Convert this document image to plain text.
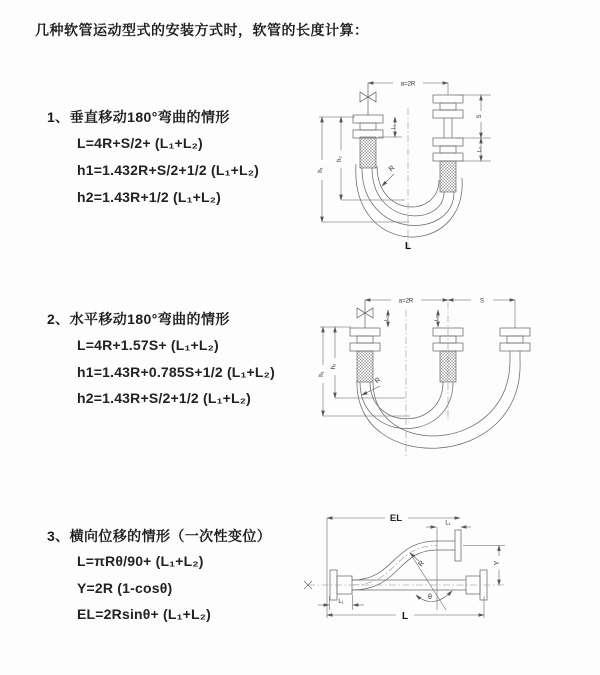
几种软管运动型式的安装方式时，软管的长度计算：
1、垂直移动180°弯曲的情形
L=4R+S/2+ (L₁+L₂)
h1=1.432R+S/2+1/2 (L₁+L₂)
h2=1.43R+1/2 (L₁+L₂)
2、水平移动180°弯曲的情形
L=4R+1.57S+ (L₁+L₂)
h1=1.43R+0.785S+1/2 (L₁+L₂)
h2=1.43R+S/2+1/2 (L₁+L₂)
3、横向位移的情形（一次性变位）
L=πRθ/90+ (L₁+L₂)
Y=2R (1-cosθ)
EL=2Rsinθ+ (L₁+L₂)
a=2R
h₁
h₂
L₁
S
L₂
R
L
a=2R	S
h₁
h₂
L₁	L₂
R
EL	L₁
Y
R
θ
L
L₁
